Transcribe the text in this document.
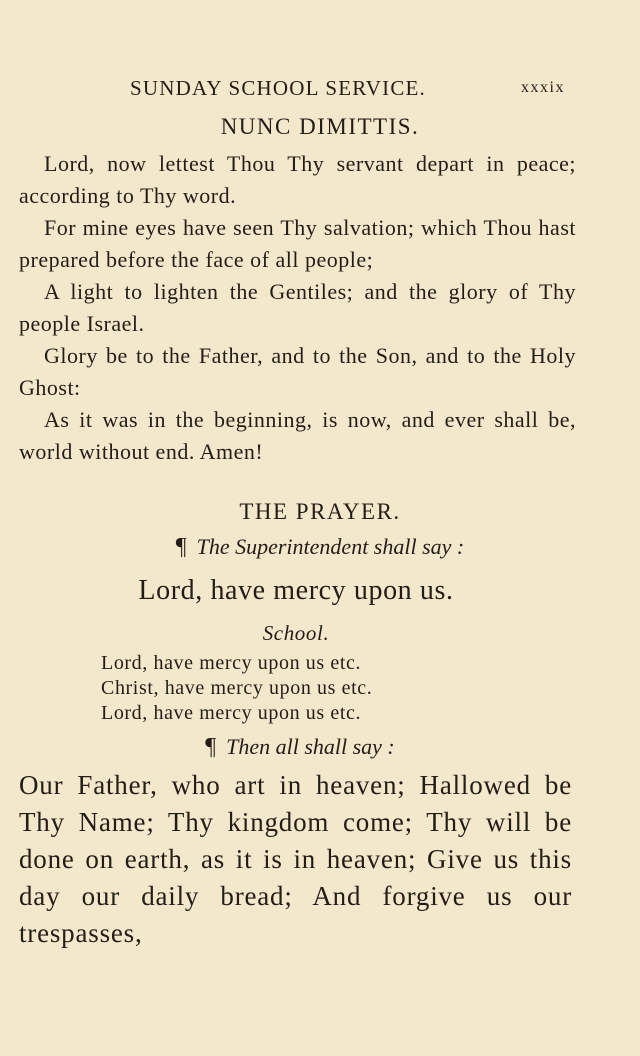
SUNDAY SCHOOL SERVICE.	xxxix
NUNC DIMITTIS.

Lord, now lettest Thou Thy servant depart in peace; according to Thy word.

For mine eyes have seen Thy salvation; which Thou hast prepared before the face of all people;

A light to lighten the Gentiles; and the glory of Thy people Israel.

Glory be to the Father, and to the Son, and to the Holy Ghost:

As it was in the beginning, is now, and ever shall be, world without end. Amen!

THE PRAYER.
¶ The Superintendent shall say :
Lord, have mercy upon us.
School.

Lord, have mercy upon us etc.

Christ, have mercy upon us etc.

Lord, have mercy upon us etc.

¶ Then all shall say :
Our Father, who art in heaven; Hallowed be Thy Name; Thy kingdom come; Thy will be done on earth, as it is in heaven; Give us this day our daily bread; And forgive us our trespasses,
